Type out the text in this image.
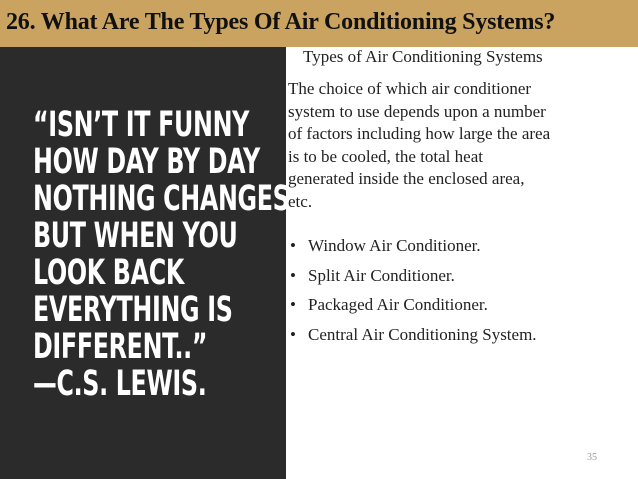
26. What Are The Types Of Air Conditioning Systems?
“ISN’T IT FUNNY
HOW DAY BY DAY
NOTHING CHANGES
BUT WHEN YOU
LOOK BACK
EVERYTHING IS
DIFFERENT..”
—C.S. LEWIS.
Types of Air Conditioning Systems
The choice of which air conditioner
system to use depends upon a number
of factors including how large the area
is to be cooled, the total heat
generated inside the enclosed area,
etc.
• Window Air Conditioner.
• Split Air Conditioner.
• Packaged Air Conditioner.
• Central Air Conditioning System.
35
